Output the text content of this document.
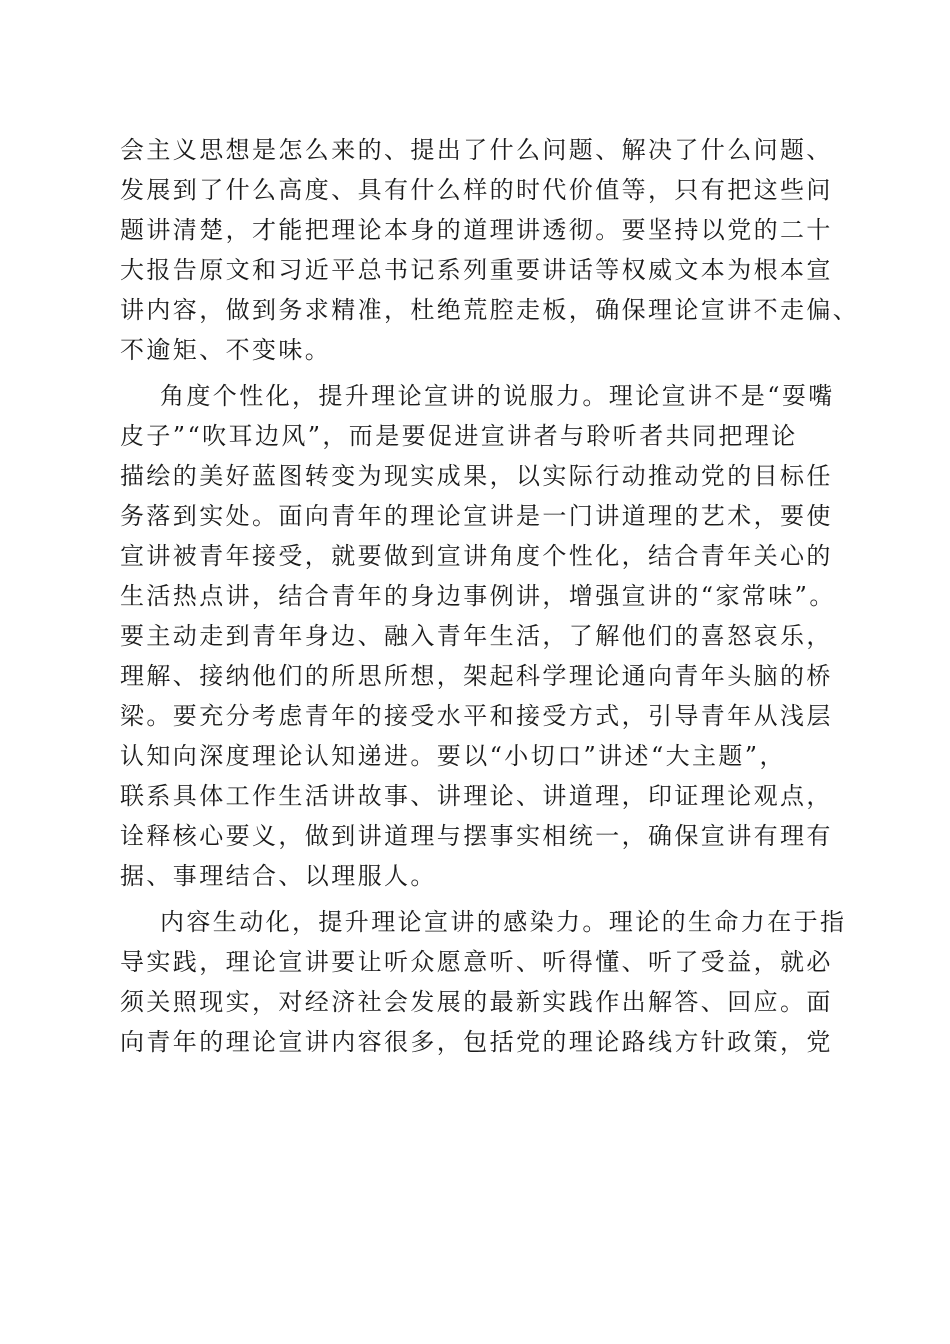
会主义思想是怎么来的、提出了什么问题、解决了什么问题、
发展到了什么高度、具有什么样的时代价值等，只有把这些问
题讲清楚，才能把理论本身的道理讲透彻。要坚持以党的二十
大报告原文和习近平总书记系列重要讲话等权威文本为根本宣
讲内容，做到务求精准，杜绝荒腔走板，确保理论宣讲不走偏、
不逾矩、不变味。
角度个性化，提升理论宣讲的说服力。理论宣讲不是“耍嘴
皮子”“吹耳边风”，而是要促进宣讲者与聆听者共同把理论
描绘的美好蓝图转变为现实成果，以实际行动推动党的目标任
务落到实处。面向青年的理论宣讲是一门讲道理的艺术，要使
宣讲被青年接受，就要做到宣讲角度个性化，结合青年关心的
生活热点讲，结合青年的身边事例讲，增强宣讲的“家常味”。
要主动走到青年身边、融入青年生活，了解他们的喜怒哀乐，
理解、接纳他们的所思所想，架起科学理论通向青年头脑的桥
梁。要充分考虑青年的接受水平和接受方式，引导青年从浅层
认知向深度理论认知递进。要以“小切口”讲述“大主题”，
联系具体工作生活讲故事、讲理论、讲道理，印证理论观点，
诠释核心要义，做到讲道理与摆事实相统一，确保宣讲有理有
据、事理结合、以理服人。
内容生动化，提升理论宣讲的感染力。理论的生命力在于指
导实践，理论宣讲要让听众愿意听、听得懂、听了受益，就必
须关照现实，对经济社会发展的最新实践作出解答、回应。面
向青年的理论宣讲内容很多，包括党的理论路线方针政策，党
